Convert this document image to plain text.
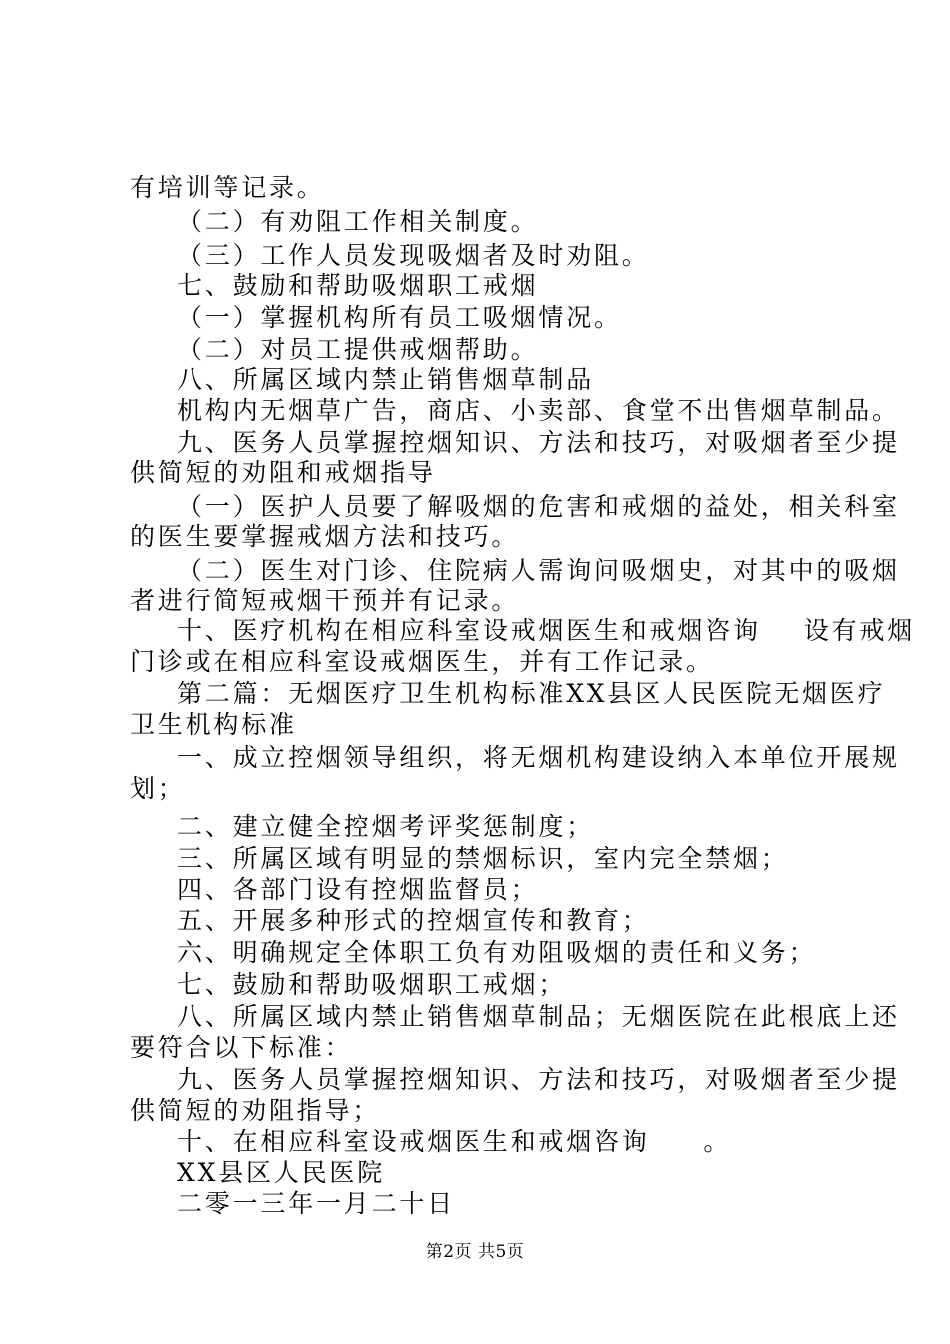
有培训等记录。
（二）有劝阻工作相关制度。
（三）工作人员发现吸烟者及时劝阻。
七、鼓励和帮助吸烟职工戒烟
（一）掌握机构所有员工吸烟情况。
（二）对员工提供戒烟帮助。
八、所属区域内禁止销售烟草制品
机构内无烟草广告，商店、小卖部、食堂不出售烟草制品。
九、医务人员掌握控烟知识、方法和技巧，对吸烟者至少提
供简短的劝阻和戒烟指导
（一）医护人员要了解吸烟的危害和戒烟的益处，相关科室
的医生要掌握戒烟方法和技巧。
（二）医生对门诊、住院病人需询问吸烟史，对其中的吸烟
者进行简短戒烟干预并有记录。
十、医疗机构在相应科室设戒烟医生和戒烟咨询    设有戒烟
门诊或在相应科室设戒烟医生，并有工作记录。
第二篇：无烟医疗卫生机构标准XX县区人民医院无烟医疗
卫生机构标准
一、成立控烟领导组织，将无烟机构建设纳入本单位开展规
划；
二、建立健全控烟考评奖惩制度；
三、所属区域有明显的禁烟标识，室内完全禁烟；
四、各部门设有控烟监督员；
五、开展多种形式的控烟宣传和教育；
六、明确规定全体职工负有劝阻吸烟的责任和义务；
七、鼓励和帮助吸烟职工戒烟；
八、所属区域内禁止销售烟草制品；无烟医院在此根底上还
要符合以下标准：
九、医务人员掌握控烟知识、方法和技巧，对吸烟者至少提
供简短的劝阻指导；
十、在相应科室设戒烟医生和戒烟咨询     。
XX县区人民医院
二零一三年一月二十日
第2页 共5页
